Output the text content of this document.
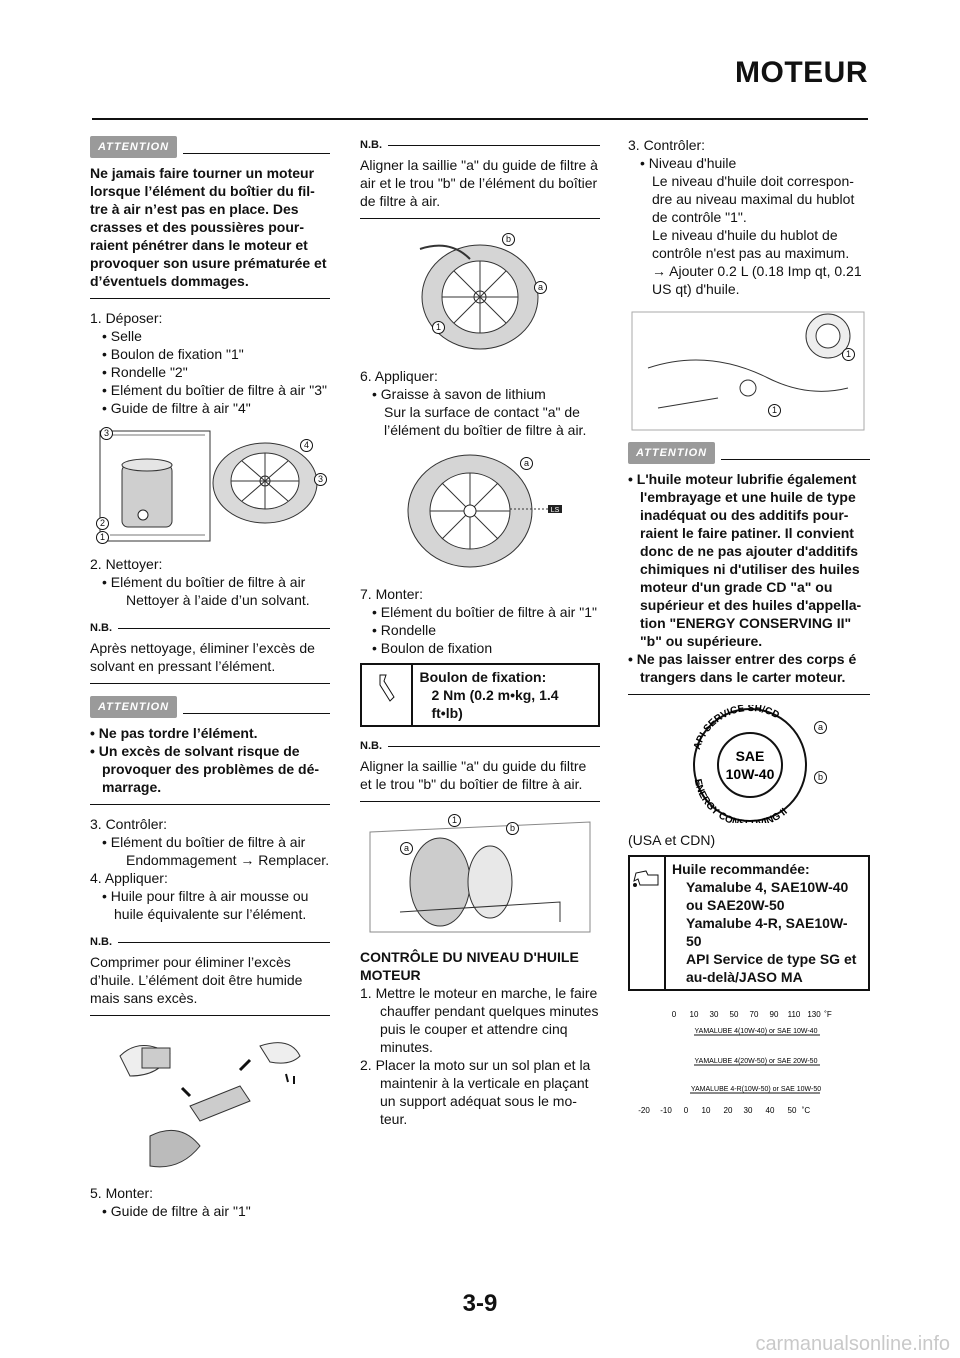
MOTEUR
ATTENTION
Ne jamais faire tourner un moteur lorsque l’élément du boîtier du fil-tre à air n’est pas en place. Des crasses et des poussières pour-raient pénétrer dans le moteur et provoquer son usure prématurée et d’éventuels dommages.
1. Déposer:
• Selle
• Boulon de fixation "1"
• Rondelle "2"
• Elément du boîtier de filtre à air "3"
• Guide de filtre à air "4"
3
4
3
2
1
2. Nettoyer:
• Elément du boîtier de filtre à air
Nettoyer à l’aide d’un solvant.
N.B.
Après nettoyage, éliminer l’excès de solvant en pressant l’élément.
ATTENTION
• Ne pas tordre l’élément.
• Un excès de solvant risque de provoquer des problèmes de dé-marrage.
3. Contrôler:
• Elément du boîtier de filtre à air
Endommagement → Remplacer.
4. Appliquer:
• Huile pour filtre à air mousse ou huile équivalente sur l’élément.
N.B.
Comprimer pour éliminer l’excès d’huile. L’élément doit être humide mais sans excès.
5. Monter:
• Guide de filtre à air "1"
N.B.
Aligner la saillie "a" du guide de filtre à air et le trou "b" de l’élément du boîtier de filtre à air.
b
a
1
6. Appliquer:
• Graisse à savon de lithium
Sur la surface de contact "a" de l’élément du boîtier de filtre à air.
LS
a
7. Monter:
• Elément du boîtier de filtre à air "1"
• Rondelle
• Boulon de fixation
Boulon de fixation:
2 Nm (0.2 m•kg, 1.4 ft•lb)
N.B.
Aligner la saillie "a" du guide du filtre et le trou "b" du boîtier de filtre à air.
1
b
a
CONTRÔLE DU NIVEAU D'HUILE MOTEUR
1. Mettre le moteur en marche, le faire chauffer pendant quelques minutes puis le couper et attendre cinq minutes.
2. Placer la moto sur un sol plan et la maintenir à la verticale en plaçant un support adéquat sous le mo-teur.
3. Contrôler:
• Niveau d'huile
Le niveau d'huile doit correspon-dre au niveau maximal du hublot de contrôle "1".
Le niveau d'huile du hublot de contrôle n'est pas au maximum.
→ Ajouter 0.2 L (0.18 Imp qt, 0.21 US qt) d'huile.
1
1
ATTENTION
• L'huile moteur lubrifie également l'embrayage et une huile de type inadéquat ou des additifs pour-raient le faire patiner. Il convient donc de ne pas ajouter d'additifs chimiques ni d'utiliser des huiles moteur d'un grade CD "a" ou supérieur et des huiles d'appella-tion "ENERGY CONSERVING II" "b" ou supérieure.
• Ne pas laisser entrer des corps é trangers dans le carter moteur.
API SERVICE SH/CD
ENERGY CON ING II
SAE
10W-40
a
b
(USA et CDN)
Huile recommandée:
Yamalube 4, SAE10W-40 ou SAE20W-50
Yamalube 4-R, SAE10W-50
API Service de type SG et au-delà/JASO MA
0 10 30 50 70 90 110 130 ˚F
-20 -10 0 10 20 30 40 50 ˚C
YAMALUBE 4(10W-40) or SAE 10W-40
YAMALUBE 4(20W-50) or SAE 20W-50
YAMALUBE 4-R(10W-50) or SAE 10W-50
3-9
carmanualsonline.info
